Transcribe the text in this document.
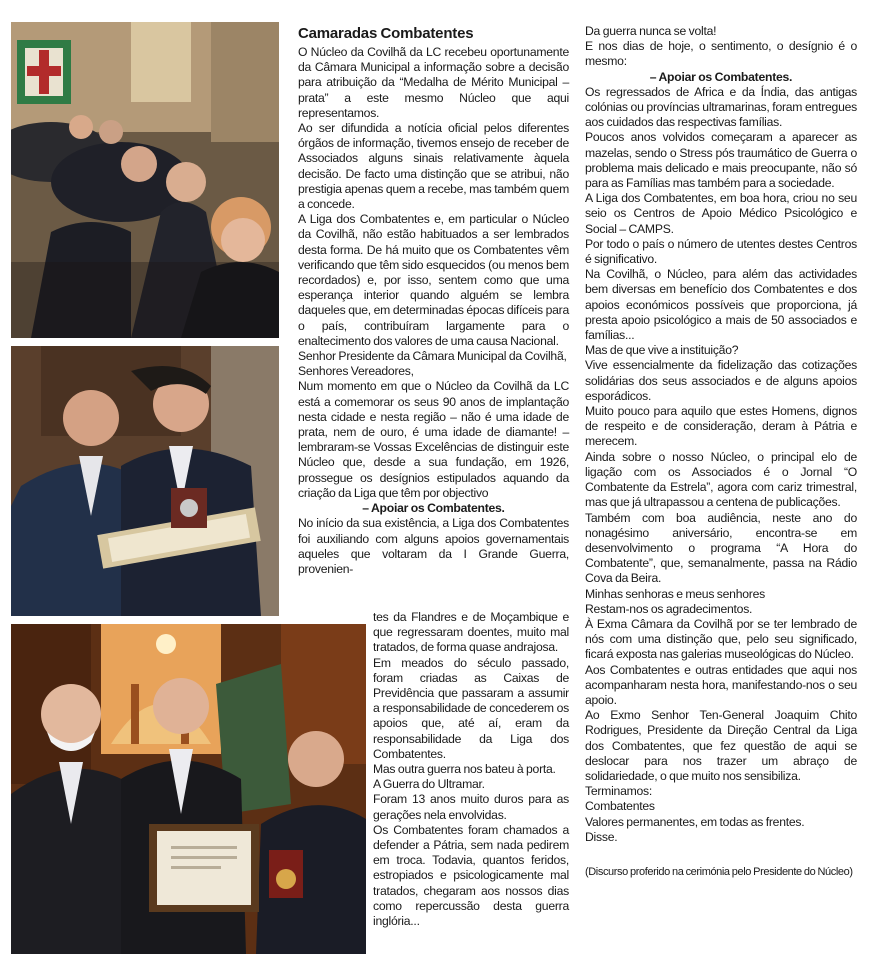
Camaradas Combatentes

O Núcleo da Covilhã da LC recebeu oportunamente da Câmara Municipal a informação sobre a decisão para atribuição da “Medalha de Mérito Municipal – prata” a este mesmo Núcleo que aqui representamos.

Ao ser difundida a notícia oficial pelos diferentes órgãos de informação, tivemos ensejo de receber de Associados alguns sinais relativamente àquela decisão. De facto uma distinção que se atribui, não prestigia apenas quem a recebe, mas também quem a concede.

A Liga dos Combatentes e, em particular o Núcleo da Covilhã, não estão habituados a ser lembrados desta forma. De há muito que os Combatentes vêm verificando que têm sido esquecidos (ou menos bem recordados) e, por isso, sentem como que uma esperança interior quando alguém se lembra daqueles que, em determinadas épocas difíceis para o país, contribuíram largamente para o enaltecimento dos valores de uma causa Nacional.

Senhor Presidente da Câmara Municipal da Covilhã,

Senhores Vereadores,

Num momento em que o Núcleo da Covilhã da LC está a comemorar os seus 90 anos de implantação nesta cidade e nesta região – não é uma idade de prata, nem de ouro, é uma idade de diamante! – lembraram-se Vossas Excelências de distinguir este Núcleo que, desde a sua fundação, em 1926, prossegue os desígnios estipulados aquando da criação da Liga que têm por objectivo

– Apoiar os Combatentes.

No início da sua existência, a Liga dos Combatentes foi auxiliando com alguns apoios governamentais aqueles que voltaram da I Grande Guerra, provenien-

tes da Flandres e de Moçambique e que regressaram doentes, muito mal tratados, de forma quase andrajosa.

Em meados do século passado, foram criadas as Caixas de Previdência que passaram a assumir a responsabilidade de concederem os apoios que, até aí, eram da responsabilidade da Liga dos Combatentes.

Mas outra guerra nos bateu à porta.

A Guerra do Ultramar.

Foram 13 anos muito duros para as gerações nela envolvidas.

Os Combatentes foram chamados a defender a Pátria, sem nada pedirem em troca. Todavia, quantos feridos, estropiados e psicologicamente mal tratados, chegaram aos nossos dias como repercussão desta guerra inglória...

Da guerra nunca se volta!

E nos dias de hoje, o sentimento, o desígnio é o mesmo:

– Apoiar os Combatentes.

Os regressados de Africa e da Índia, das antigas colónias ou províncias ultramarinas, foram entregues aos cuidados das respectivas famílias.

Poucos anos volvidos começaram a aparecer as mazelas, sendo o Stress pós traumático de Guerra o problema mais delicado e mais preocupante, não só para as Famílias mas também para a sociedade.

A Liga dos Combatentes, em boa hora, criou no seu seio os Centros de Apoio Médico Psicológico e Social – CAMPS.

Por todo o país o número de utentes destes Centros é significativo.

Na Covilhã, o Núcleo, para além das actividades bem diversas em benefício dos Combatentes e dos apoios económicos possíveis que proporciona, já presta apoio psicológico a mais de 50 associados e famílias...

Mas de que vive a instituição?

Vive essencialmente da fidelização das cotizações solidárias dos seus associados e de alguns apoios esporádicos.

Muito pouco para aquilo que estes Homens, dignos de respeito e de consideração, deram à Pátria e merecem.

Ainda sobre o nosso Núcleo, o principal elo de ligação com os Associados é o Jornal “O Combatente da Estrela”, agora com cariz trimestral, mas que já ultrapassou a centena de publicações.

Também com boa audiência, neste ano do nonagésimo aniversário, encontra-se em desenvolvimento o programa “A Hora do Combatente”, que, semanalmente, passa na Rádio Cova da Beira.

Minhas senhoras e meus senhores

Restam-nos os agradecimentos.

À Exma Câmara da Covilhã por se ter lembrado de nós com uma distinção que, pelo seu significado, ficará exposta nas galerias museológicas do Núcleo.

Aos Combatentes e outras entidades que aqui nos acompanharam nesta hora, manifestando-nos o seu apoio.

Ao Exmo Senhor Ten-General Joaquim Chito Rodrigues, Presidente da Direção Central da Liga dos Combatentes, que fez questão de aqui se deslocar para nos trazer um abraço de solidariedade, o que muito nos sensibiliza.

Terminamos:

Combatentes

Valores permanentes, em todas as frentes.

Disse.

(Discurso proferido na cerimónia pelo Presidente do Núcleo)
